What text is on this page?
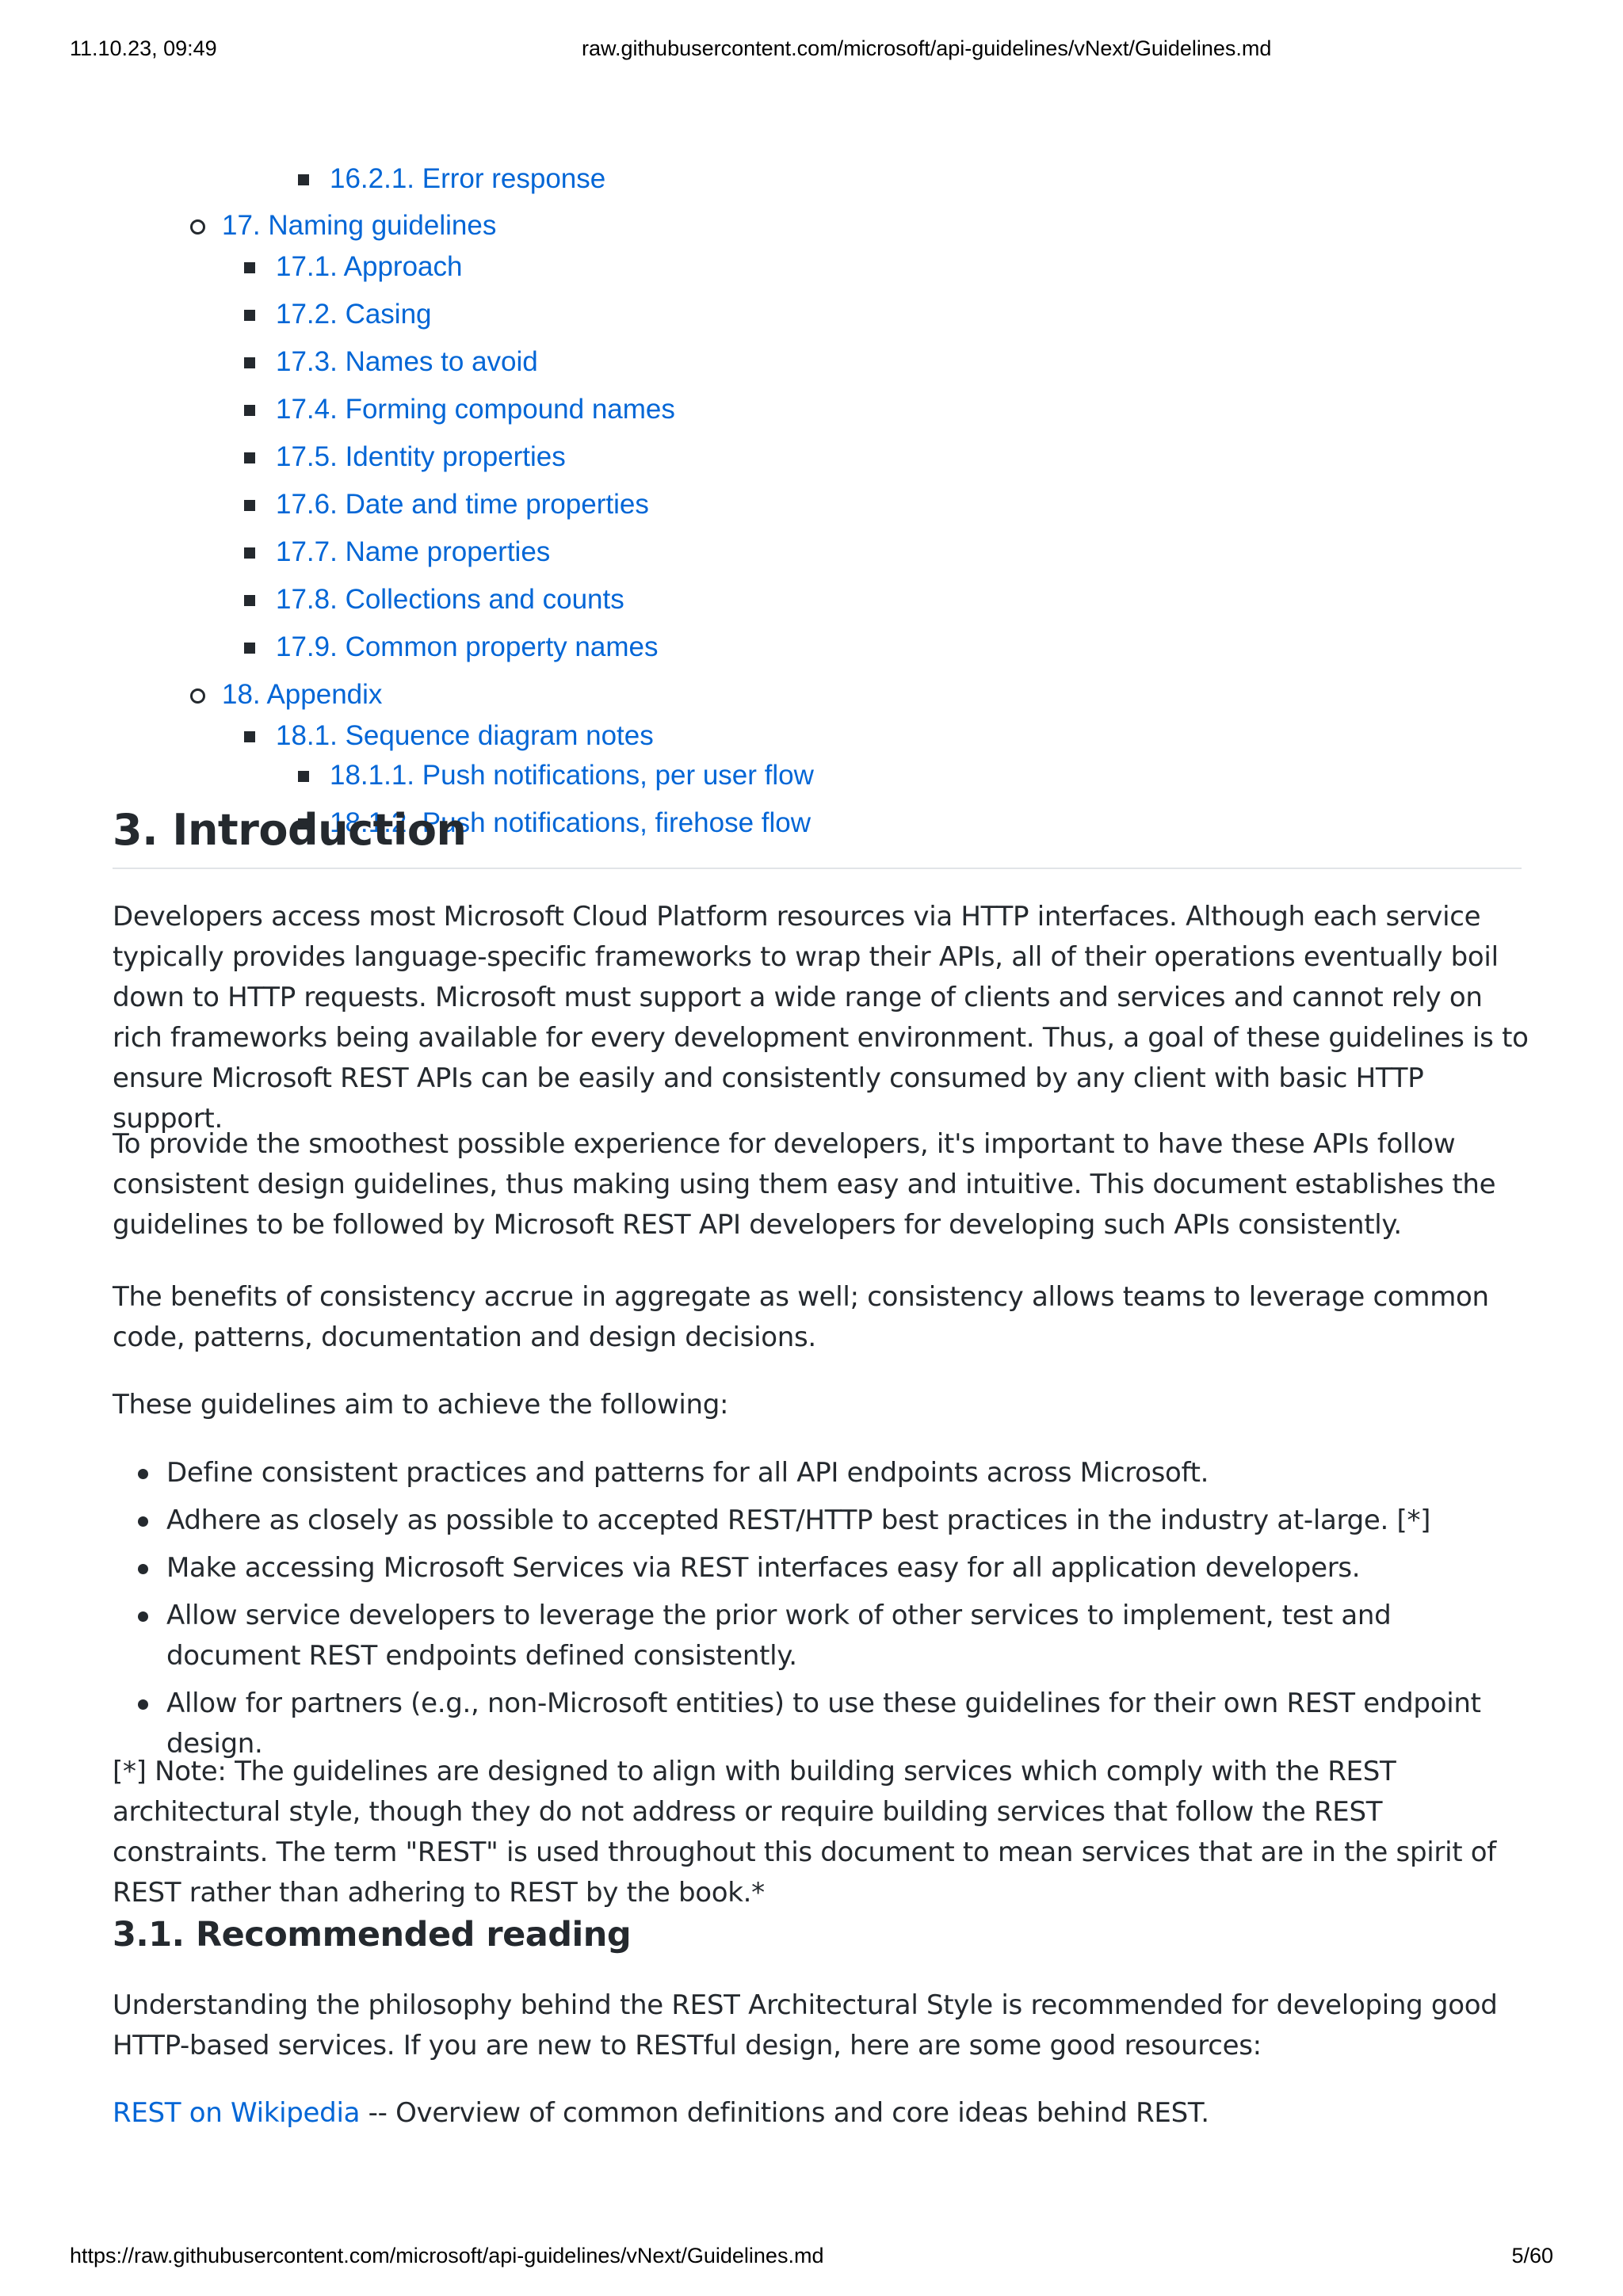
11.10.23, 09:49	raw.githubusercontent.com/microsoft/api-guidelines/vNext/Guidelines.md
16.2.1. Error response
17. Naming guidelines
17.1. Approach
17.2. Casing
17.3. Names to avoid
17.4. Forming compound names
17.5. Identity properties
17.6. Date and time properties
17.7. Name properties
17.8. Collections and counts
17.9. Common property names
18. Appendix
18.1. Sequence diagram notes
18.1.1. Push notifications, per user flow
18.1.2. Push notifications, firehose flow
3. Introduction

Developers access most Microsoft Cloud Platform resources via HTTP interfaces. Although each service typically provides language-specific frameworks to wrap their APIs, all of their operations eventually boil down to HTTP requests. Microsoft must support a wide range of clients and services and cannot rely on rich frameworks being available for every development environment. Thus, a goal of these guidelines is to ensure Microsoft REST APIs can be easily and consistently consumed by any client with basic HTTP support.

To provide the smoothest possible experience for developers, it's important to have these APIs follow consistent design guidelines, thus making using them easy and intuitive. This document establishes the guidelines to be followed by Microsoft REST API developers for developing such APIs consistently.

The benefits of consistency accrue in aggregate as well; consistency allows teams to leverage common code, patterns, documentation and design decisions.

These guidelines aim to achieve the following:

Define consistent practices and patterns for all API endpoints across Microsoft.
Adhere as closely as possible to accepted REST/HTTP best practices in the industry at-large. [*]
Make accessing Microsoft Services via REST interfaces easy for all application developers.
Allow service developers to leverage the prior work of other services to implement, test and document REST endpoints defined consistently.
Allow for partners (e.g., non-Microsoft entities) to use these guidelines for their own REST endpoint design.

[*] Note: The guidelines are designed to align with building services which comply with the REST architectural style, though they do not address or require building services that follow the REST constraints. The term "REST" is used throughout this document to mean services that are in the spirit of REST rather than adhering to REST by the book.*

3.1. Recommended reading

Understanding the philosophy behind the REST Architectural Style is recommended for developing good HTTP-based services. If you are new to RESTful design, here are some good resources:

REST on Wikipedia -- Overview of common definitions and core ideas behind REST.

https://raw.githubusercontent.com/microsoft/api-guidelines/vNext/Guidelines.md	5/60
